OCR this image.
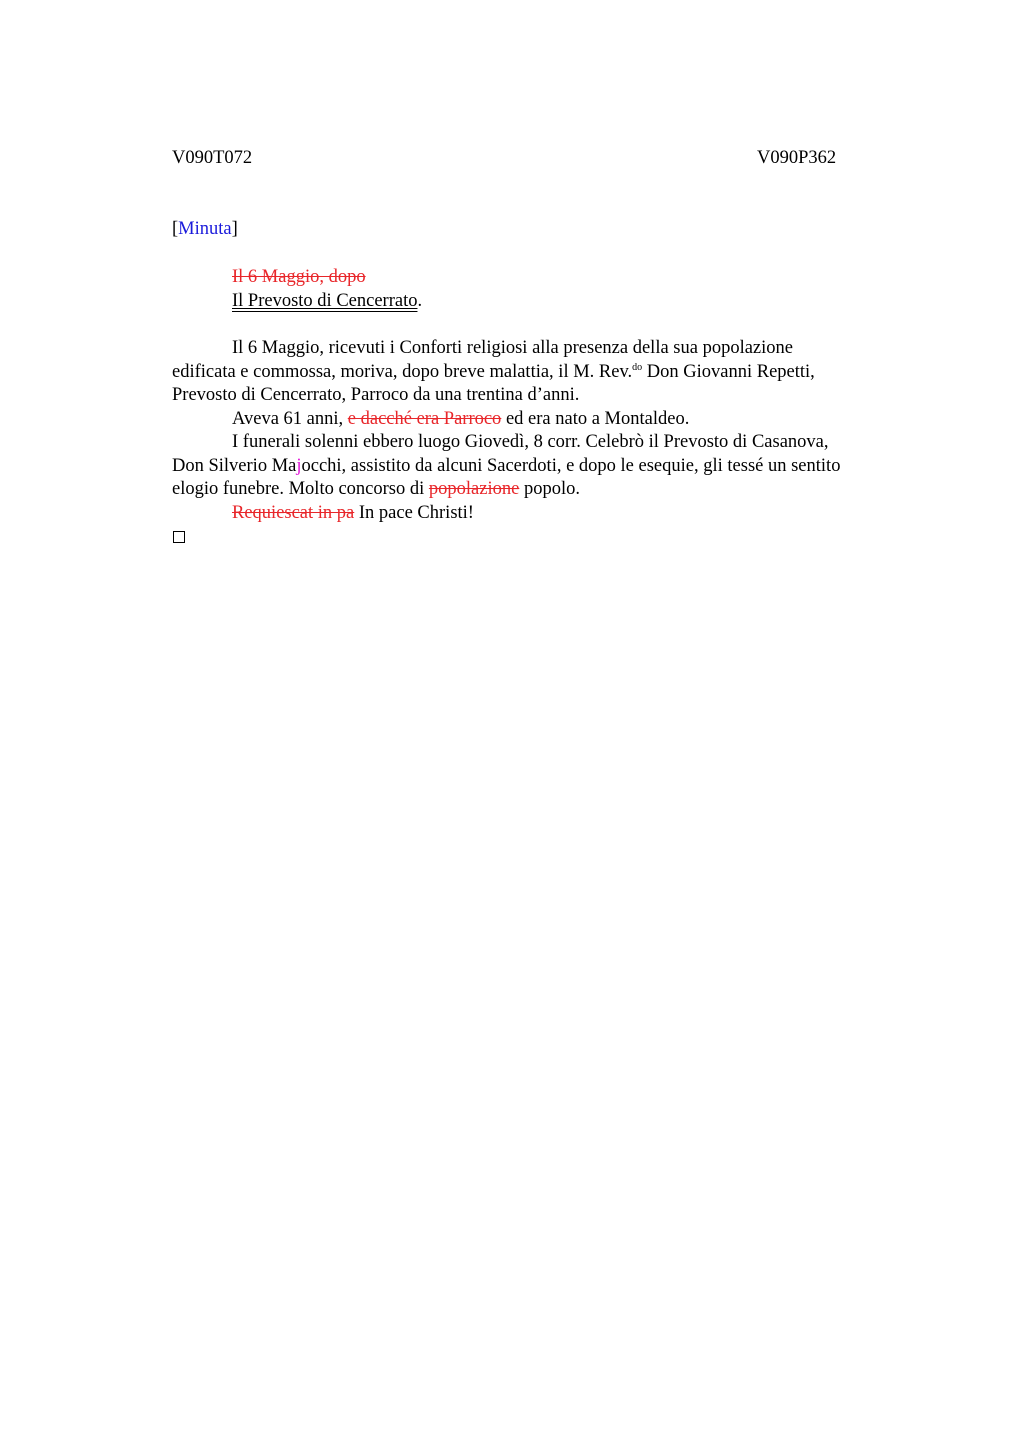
V090T072	V090P362
[Minuta]
Il 6 Maggio, dopo
Il Prevosto di Cencerrato.

Il 6 Maggio, ricevuti i Conforti religiosi alla presenza della sua popolazione

edificata e commossa, moriva, dopo breve malattia, il M. Rev.$^{do}$ Don Giovanni Repetti,

Prevosto di Cencerrato, Parroco da una trentina d’anni.

Aveva 61 anni, e dacché era Parroco ed era nato a Montaldeo.

I funerali solenni ebbero luogo Giovedì, 8 corr. Celebrò il Prevosto di Casanova,

Don Silverio Majocchi, assistito da alcuni Sacerdoti, e dopo le esequie, gli tessé un sentito

elogio funebre. Molto concorso di popolazione popolo.

Requiescat in pa In pace Christi!
